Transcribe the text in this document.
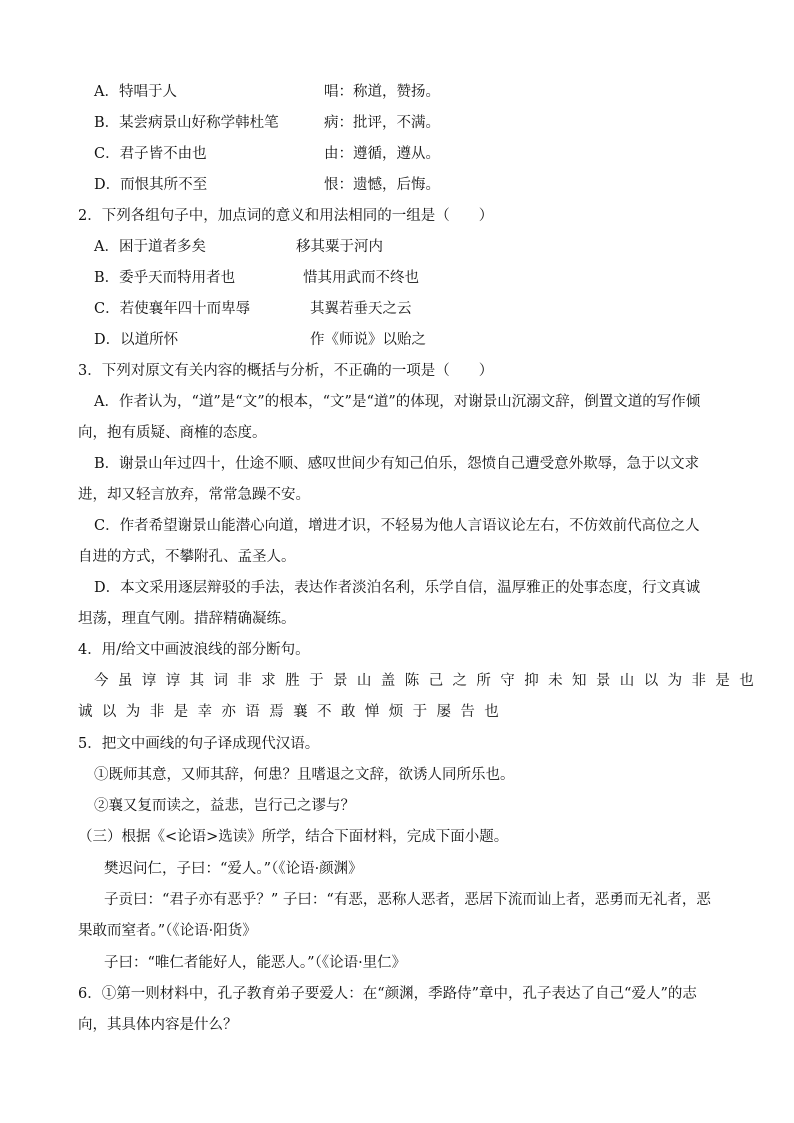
A．特唱于人	唱：称道，赞扬。
B．某尝病景山好称学韩杜笔	病：批评，不满。
C．君子皆不由也	由：遵循，遵从。
D．而恨其所不至	恨：遗憾，后悔。
2．下列各组句子中，加点词的意义和用法相同的一组是（　　）
A．困于道者多矣	移其粟于河内
B．委乎天而特用者也	惜其用武而不终也
C．若使襄年四十而卑辱	其翼若垂天之云
D．以道所怀	作《师说》以贻之
3．下列对原文有关内容的概括与分析，不正确的一项是（　　）
A．作者认为，“道”是“文”的根本，“文”是“道”的体现，对谢景山沉溺文辞，倒置文道的写作倾
向，抱有质疑、商榷的态度。
B．谢景山年过四十，仕途不顺、感叹世间少有知己伯乐，怨愤自己遭受意外欺辱，急于以文求
进，却又轻言放弃，常常急躁不安。
C．作者希望谢景山能潜心向道，增进才识，不轻易为他人言语议论左右，不仿效前代高位之人
自进的方式，不攀附孔、孟圣人。
D．本文采用逐层辩驳的手法，表达作者淡泊名利，乐学自信，温厚雅正的处事态度，行文真诚
坦荡，理直气刚。措辞精确凝练。
4．用/给文中画波浪线的部分断句。
今虽谆谆其词非求胜于景山盖陈己之所守抑未知景山以为非是也
诚以为非是幸亦语焉襄不敢惮烦于屡告也
5．把文中画线的句子译成现代汉语。
①既师其意，又师其辞，何患？且嗜退之文辞，欲诱人同所乐也。
②襄又复而读之，益悲，岂行己之谬与？
（三）根据《<论语>选读》所学，结合下面材料，完成下面小题。
樊迟问仁，子曰：“爱人。”（《论语·颜渊》
子贡曰：“君子亦有恶乎？” 子曰：“有恶，恶称人恶者，恶居下流而讪上者，恶勇而无礼者，恶
果敢而窒者。”（《论语·阳货》
子曰：“唯仁者能好人，能恶人。”（《论语·里仁》
6．①第一则材料中，孔子教育弟子要爱人：在“颜渊，季路侍”章中，孔子表达了自己“爱人”的志
向，其具体内容是什么？
